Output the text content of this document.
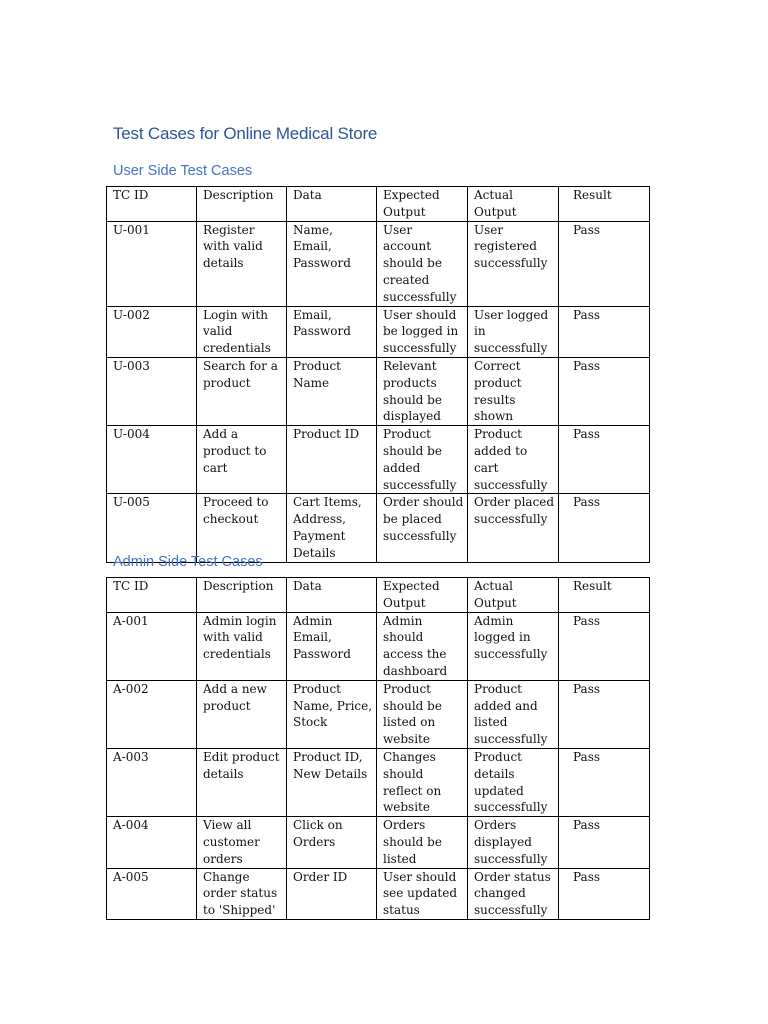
Test Cases for Online Medical Store
User Side Test Cases
TC ID	Description	Data	Expected Output	Actual Output	Result
U-001	Register with valid details	Name, Email, Password	User account should be created successfully	User registered successfully	Pass
U-002	Login with valid credentials	Email, Password	User should be logged in successfully	User logged in successfully	Pass
U-003	Search for a product	Product Name	Relevant products should be displayed	Correct product results shown	Pass
U-004	Add a product to cart	Product ID	Product should be added successfully	Product added to cart successfully	Pass
U-005	Proceed to checkout	Cart Items, Address, Payment Details	Order should be placed successfully	Order placed successfully	Pass
Admin Side Test Cases
TC ID	Description	Data	Expected Output	Actual Output	Result
A-001	Admin login with valid credentials	Admin Email, Password	Admin should access the dashboard	Admin logged in successfully	Pass
A-002	Add a new product	Product Name, Price, Stock	Product should be listed on website	Product added and listed successfully	Pass
A-003	Edit product details	Product ID, New Details	Changes should reflect on website	Product details updated successfully	Pass
A-004	View all customer orders	Click on Orders	Orders should be listed	Orders displayed successfully	Pass
A-005	Change order status to 'Shipped'	Order ID	User should see updated status	Order status changed successfully	Pass
